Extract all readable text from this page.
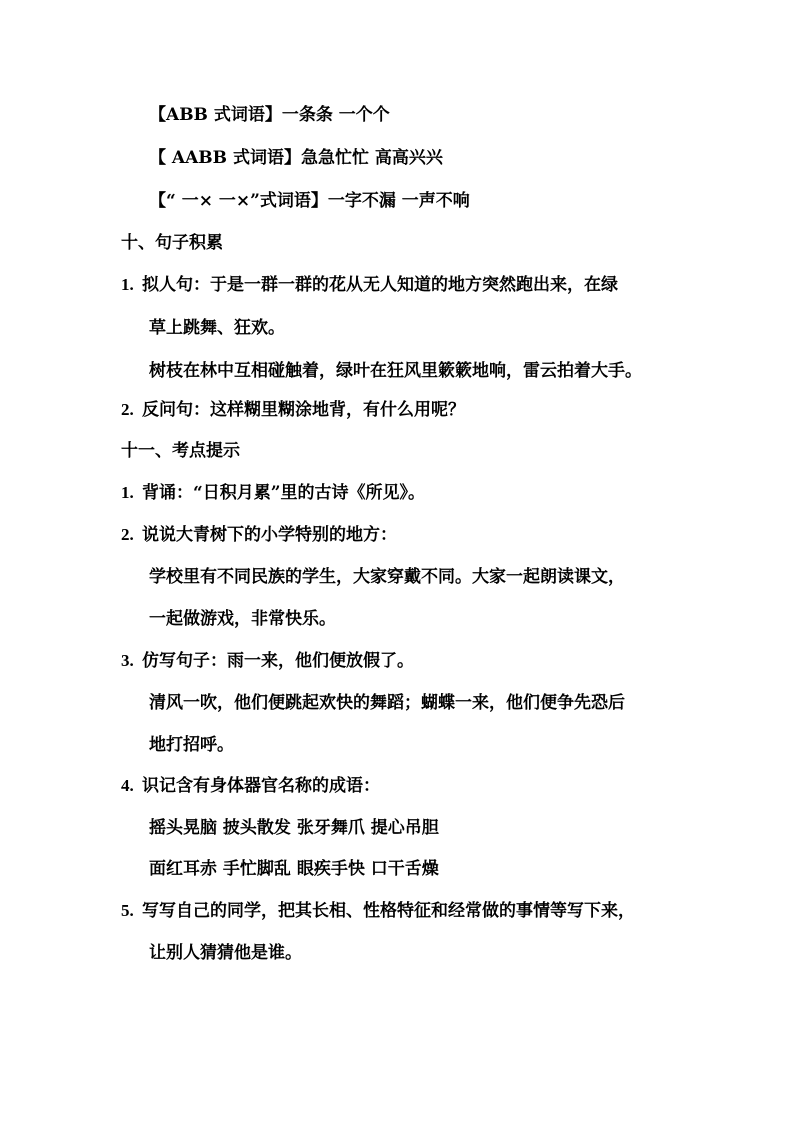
【ABB 式词语】一条条 一个个
【 AABB 式词语】急急忙忙 高高兴兴
【“ 一× 一×”式词语】一字不漏 一声不响
十、句子积累
1. 拟人句：于是一群一群的花从无人知道的地方突然跑出来，在绿
草上跳舞、狂欢。
树枝在林中互相碰触着，绿叶在狂风里簌簌地响，雷云拍着大手。
2. 反问句：这样糊里糊涂地背，有什么用呢？
十一、考点提示
1. 背诵：“日积月累”里的古诗《所见》。
2. 说说大青树下的小学特别的地方：
学校里有不同民族的学生，大家穿戴不同。大家一起朗读课文，
一起做游戏，非常快乐。
3. 仿写句子：雨一来，他们便放假了。
清风一吹，他们便跳起欢快的舞蹈；蝴蝶一来，他们便争先恐后
地打招呼。
4. 识记含有身体器官名称的成语：
摇头晃脑 披头散发 张牙舞爪 提心吊胆
面红耳赤 手忙脚乱 眼疾手快 口干舌燥
5. 写写自己的同学，把其长相、性格特征和经常做的事情等写下来，
让别人猜猜他是谁。
